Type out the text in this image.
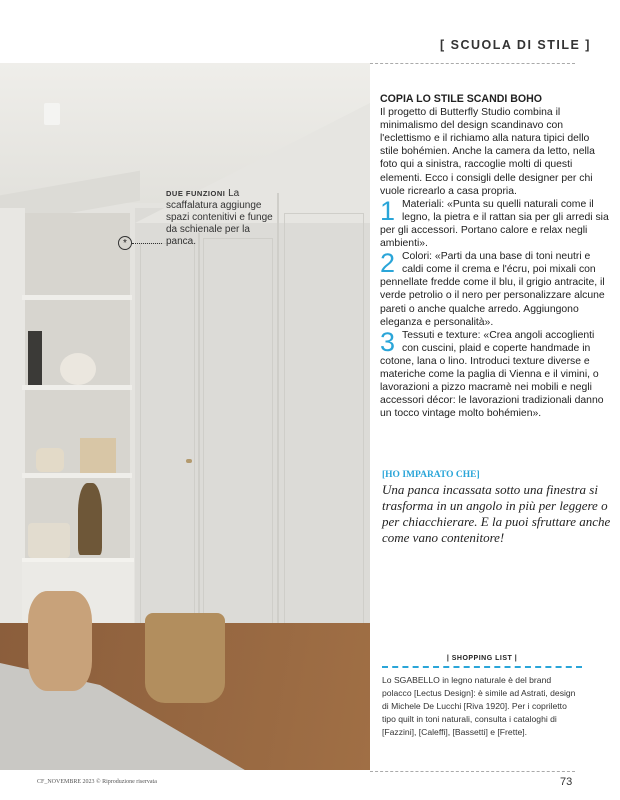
[ SCUOLA DI STILE ]
DUE FUNZIONI La scaffalatura aggiunge spazi contenitivi e funge da schienale per la panca.
*
COPIA LO STILE SCANDI BOHO

Il progetto di Butterfly Studio combina il minimalismo del design scandinavo con l'eclettismo e il richiamo alla natura tipici dello stile bohémien. Anche la camera da letto, nella foto qui a sinistra, raccoglie molti di questi elementi. Ecco i consigli delle designer per chi vuole ricrearlo a casa propria.

1 Materiali: «Punta su quelli naturali come il legno, la pietra e il rattan sia per gli arredi sia per gli accessori. Portano calore e relax negli ambienti».

2 Colori: «Parti da una base di toni neutri e caldi come il crema e l'écru, poi mixali con pennellate fredde come il blu, il grigio antracite, il verde petrolio o il nero per personalizzare alcune pareti o anche qualche arredo. Aggiungono eleganza e personalità».

3 Tessuti e texture: «Crea angoli accoglienti con cuscini, plaid e coperte handmade in cotone, lana o lino. Introduci texture diverse e materiche come la paglia di Vienna e il vimini, o lavorazioni a pizzo macramè nei mobili e negli accessori décor: le lavorazioni tradizionali danno un tocco vintage molto bohémien».

[HO IMPARATO CHE]
Una panca incassata sotto una finestra si trasforma in un angolo in più per leggere o per chiacchierare. E la puoi sfruttare anche come vano contenitore!
| SHOPPING LIST |

Lo SGABELLO in legno naturale è del brand polacco [Lectus Design]: è simile ad Astrati, design di Michele De Lucchi [Riva 1920]. Per i copriletto tipo quilt in toni naturali, consulta i cataloghi di [Fazzini], [Caleffi], [Bassetti] e [Frette].

CF_NOVEMBRE 2023 © Riproduzione riservata	73
